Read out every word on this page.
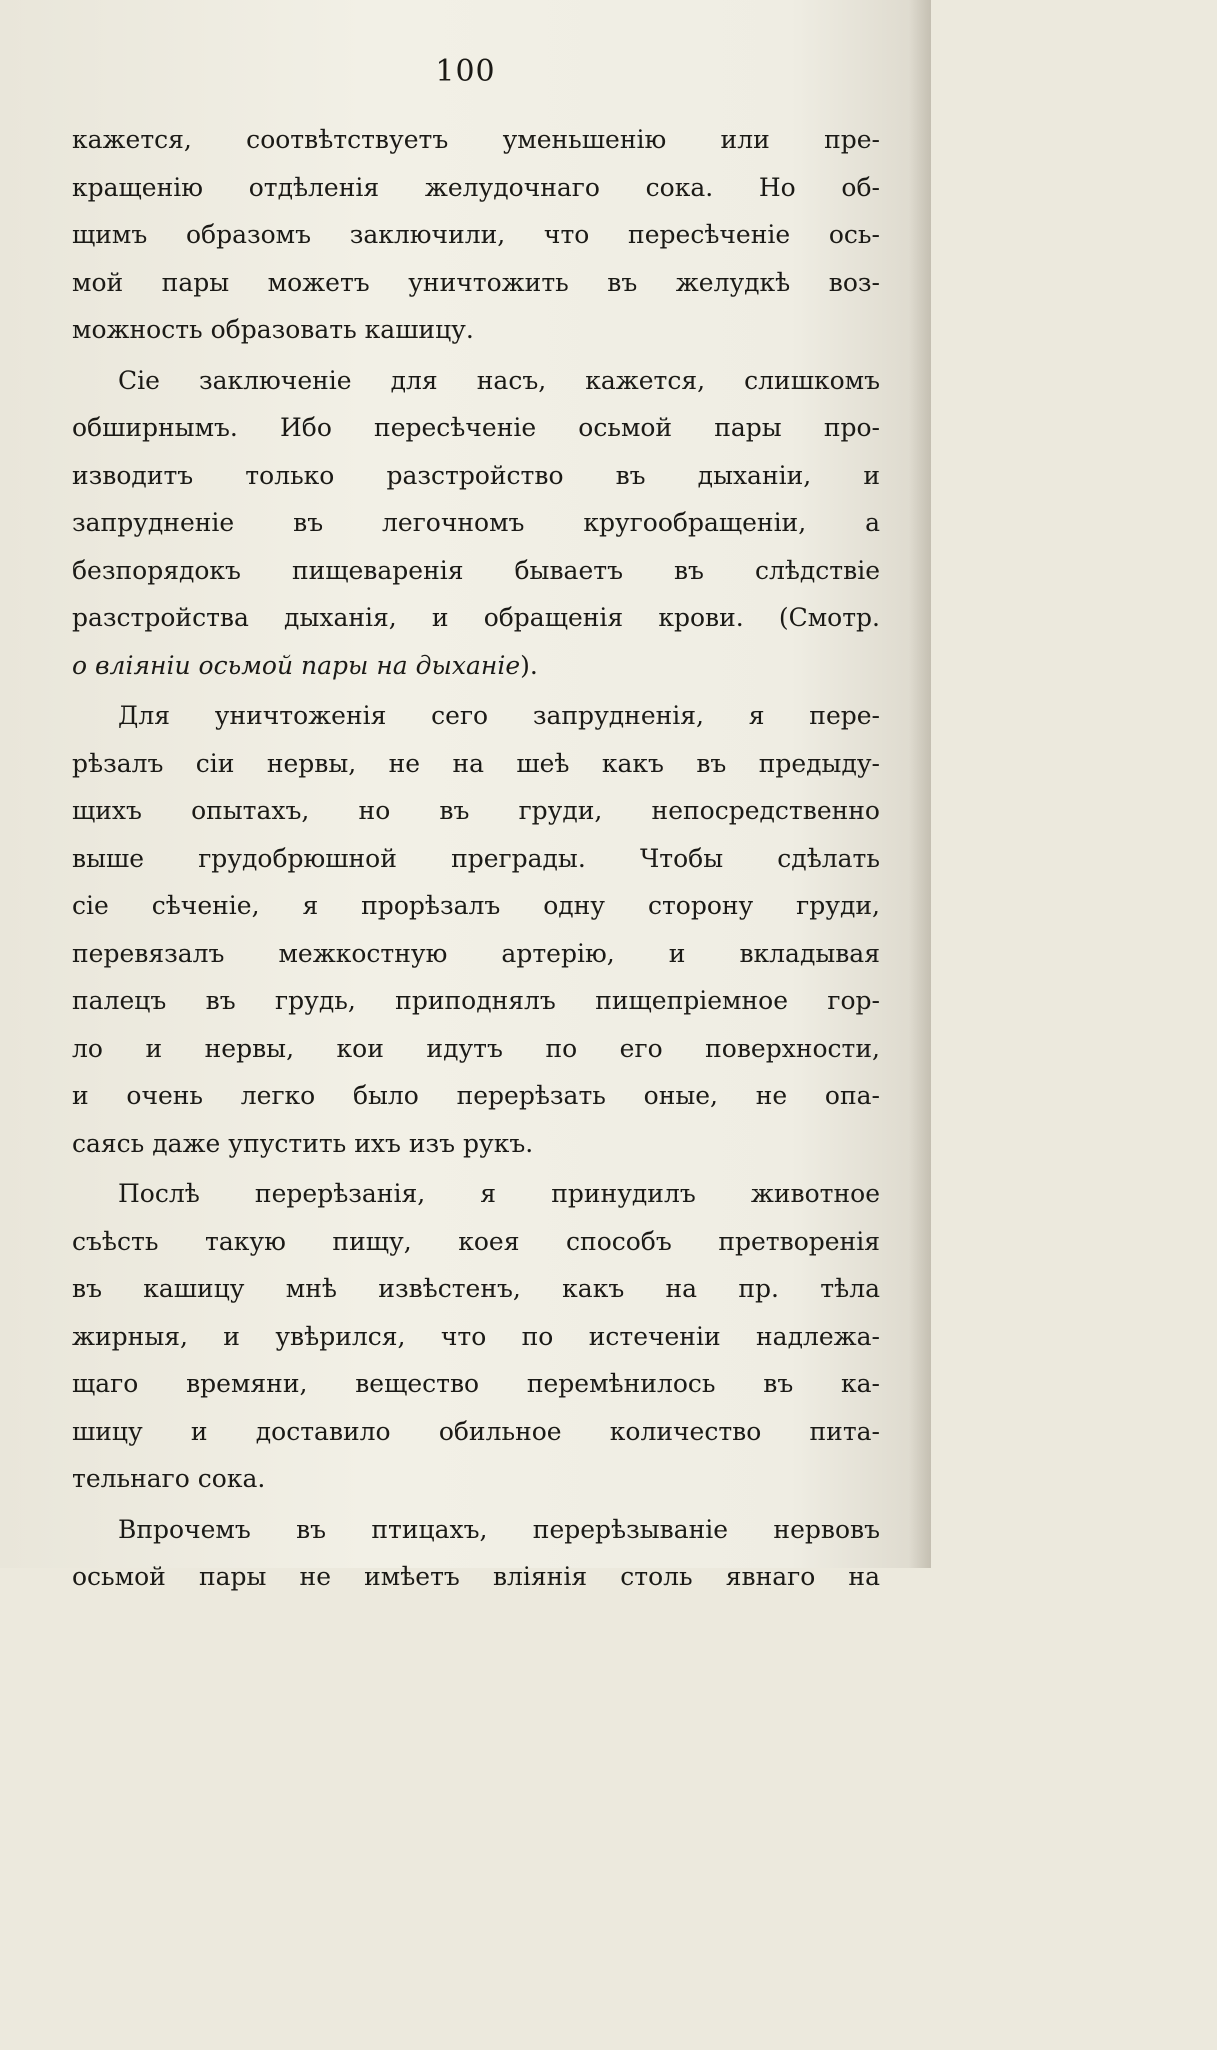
100
кажется, соотвѣтствуетъ уменьшенію или пре-
кращенію отдѣленія желудочнаго сока. Но об-
щимъ образомъ заключили, что пересѣченіе ось-
мой пары можетъ уничтожить въ желудкѣ воз-
можность образовать кашицу.
Сіе заключеніе для насъ, кажется, слишкомъ
обширнымъ. Ибо пересѣченіе осьмой пары про-
изводитъ только разстройство въ дыханіи, и
запрудненіе въ легочномъ кругообращеніи, а
безпорядокъ пищеваренія бываетъ въ слѣдствіе
разстройства дыханія, и обращенія крови. (Смотр.
о вліяніи осьмой пары на дыханіе).
Для уничтоженія сего запрудненія, я пере-
рѣзалъ сіи нервы, не на шеѣ какъ въ предыду-
щихъ опытахъ, но въ груди, непосредственно
выше грудобрюшной преграды. Чтобы сдѣлать
сіе сѣченіе, я прорѣзалъ одну сторону груди,
перевязалъ межкостную артерію, и вкладывая
палецъ въ грудь, приподнялъ пищепріемное гор-
ло и нервы, кои идутъ по его поверхности,
и очень легко было перерѣзать оные, не опа-
саясь даже упустить ихъ изъ рукъ.
Послѣ перерѣзанія, я принудилъ животное
съѣсть такую пищу, коея способъ претворенія
въ кашицу мнѣ извѣстенъ, какъ на пр. тѣла
жирныя, и увѣрился, что по истеченіи надлежа-
щаго времяни, вещество перемѣнилось въ ка-
шицу и доставило обильное количество пита-
тельнаго сока.
Впрочемъ въ птицахъ, перерѣзываніе нервовъ
осьмой пары не имѣетъ вліянія столь явнаго на
